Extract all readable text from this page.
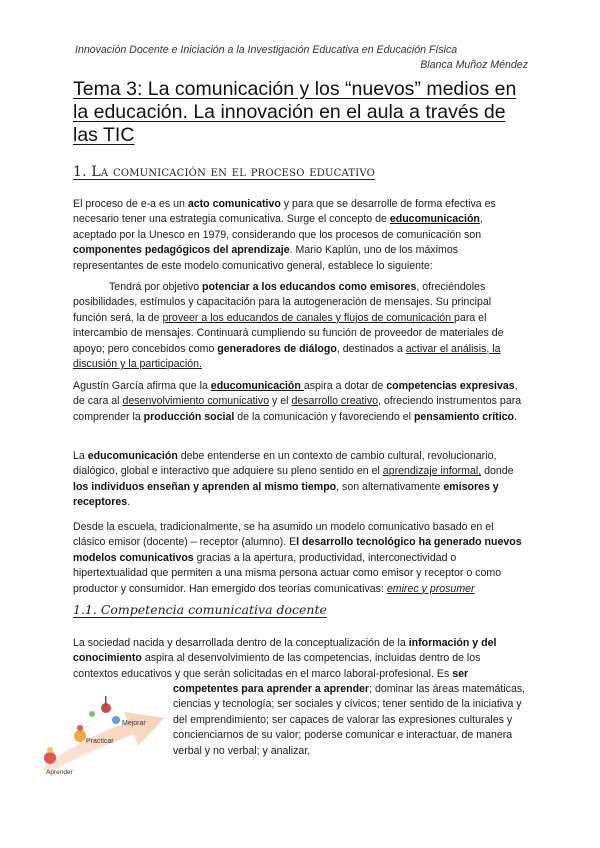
Innovación Docente e Iniciación a la Investigación Educativa en Educación Física
Blanca Muñoz Méndez
Tema 3: La comunicación y los “nuevos” medios en la educación. La innovación en el aula a través de las TIC
1. La comunicación en el proceso educativo
El proceso de e-a es un acto comunicativo y para que se desarrolle de forma efectiva es necesario tener una estrategia comunicativa. Surge el concepto de educomunicación, aceptado por la Unesco en 1979, considerando que los procesos de comunicación son componentes pedagógicos del aprendizaje. Mario Kaplún, uno de los máximos representantes de este modelo comunicativo general, establece lo siguiente:
Tendrá por objetivo potenciar a los educandos como emisores, ofreciéndoles posibilidades, estímulos y capacitación para la autogeneración de mensajes. Su principal función será, la de proveer a los educandos de canales y flujos de comunicación para el intercambio de mensajes. Continuará cumpliendo su función de proveedor de materiales de apoyo; pero concebidos como generadores de diálogo, destinados a activar el análisis, la discusión y la participación.
Agustín García afirma que la educomunicación aspira a dotar de competencias expresivas, de cara al desenvolvimiento comunicativo y el desarrollo creativo, ofreciendo instrumentos para comprender la producción social de la comunicación y favoreciendo el pensamiento crítico.
La educomunicación debe entenderse en un contexto de cambio cultural, revolucionario, dialógico, global e interactivo que adquiere su pleno sentido en el aprendizaje informal, donde los individuos enseñan y aprenden al mismo tiempo, son alternativamente emisores y receptores.
Desde la escuela, tradicionalmente, se ha asumido un modelo comunicativo basado en el clásico emisor (docente) – receptor (alumno). El desarrollo tecnológico ha generado nuevos modelos comunicativos gracias a la apertura, productividad, interconectividad o hipertextualidad que permiten a una misma persona actuar como emisor y receptor o como productor y consumidor. Han emergido dos teorías comunicativas: emirec y prosumer
1.1. Competencia comunicativa docente
La sociedad nacida y desarrollada dentro de la conceptualización de la información y del conocimiento aspira al desenvolvimiento de las competencias, incluidas dentro de los contextos educativos y que serán solicitadas en el marco laboral-profesional. Es ser
Mejorar
Practicar
Aprender
competentes para aprender a aprender; dominar las áreas matemáticas, ciencias y tecnología; ser sociales y cívicos; tener sentido de la iniciativa y del emprendimiento; ser capaces de valorar las expresiones culturales y concienciarnos de su valor; poderse comunicar e interactuar, de manera verbal y no verbal; y analizar,
